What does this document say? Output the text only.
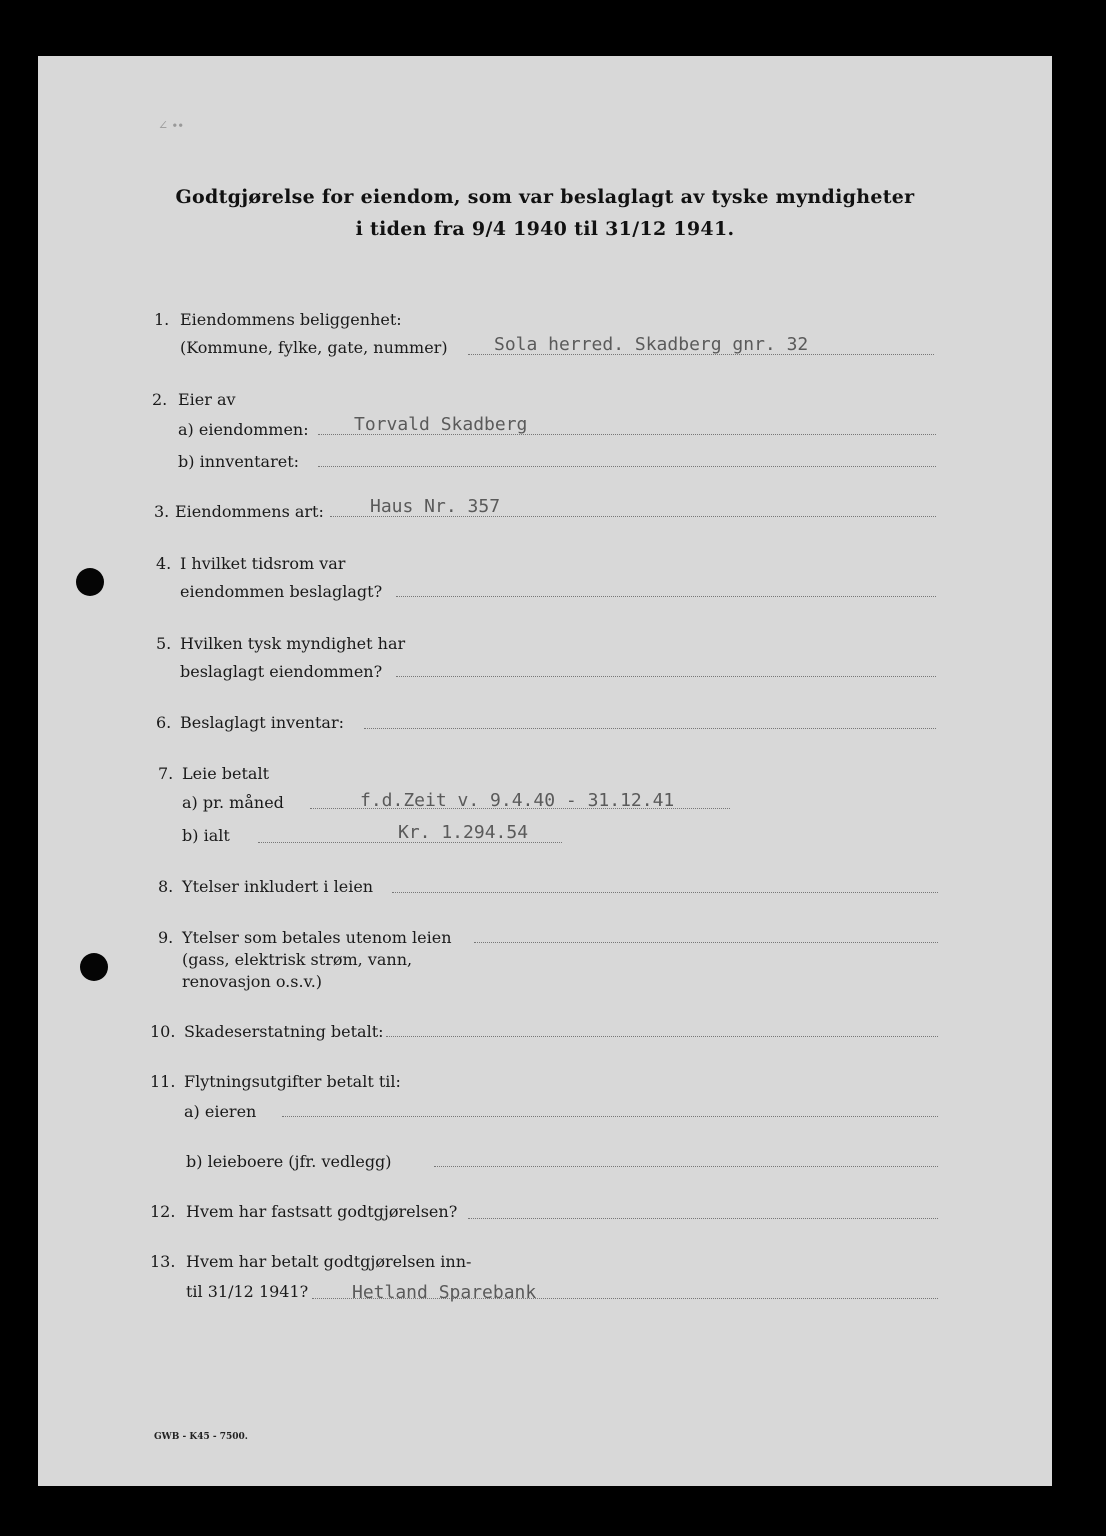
∠ ∙∙
Godtgjørelse for eiendom, som var beslaglagt av tyske myndigheter
i tiden fra 9/4 1940 til 31/12 1941.
1. Eiendommens beliggenhet:
(Kommune, fylke, gate, nummer)	Sola herred. Skadberg gnr. 32
2. Eier av
a) eiendommen:	Torvald Skadberg
b) innventaret:
3. Eiendommens art:	Haus Nr. 357
4. I hvilket tidsrom var
eiendommen beslaglagt?
5. Hvilken tysk myndighet har
beslaglagt eiendommen?
6. Beslaglagt inventar:
7. Leie betalt
a) pr. måned	f.d.Zeit v. 9.4.40 - 31.12.41
b) ialt	Kr. 1.294.54
8. Ytelser inkludert i leien
9. Ytelser som betales utenom leien
(gass, elektrisk strøm, vann,
renovasjon o.s.v.)
10. Skadeserstatning betalt:
11. Flytningsutgifter betalt til:
a) eieren
b) leieboere (jfr. vedlegg)
12. Hvem har fastsatt godtgjørelsen?
13. Hvem har betalt godtgjørelsen inn-
til 31/12 1941? Hetland Sparebank
GWB - K45 - 7500.
